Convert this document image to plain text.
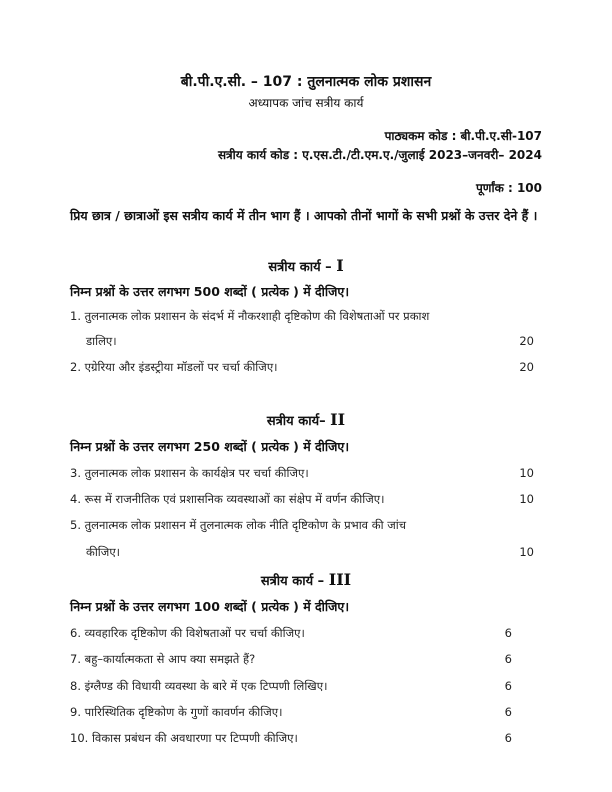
बी.पी.ए.सी. – 107 : तुलनात्मक लोक प्रशासन
अध्यापक जांच सत्रीय कार्य
पाठ्यकम कोड : बी.पी.ए.सी-107
सत्रीय कार्य कोड : ए.एस.टी./टी.एम.ए./जुलाई 2023–जनवरी– 2024
पूर्णांक : 100
प्रिय छात्र / छात्राओं इस सत्रीय कार्य में तीन भाग हैं । आपको तीनों भागों के सभी प्रश्नों के उत्तर देने हैं ।
सत्रीय कार्य – I
निम्न प्रश्नों के उत्तर लगभग 500 शब्दों ( प्रत्येक ) में दीजिए।
1. तुलनात्मक लोक प्रशासन के संदर्भ में नौकरशाही दृष्टिकोण की विशेषताओं पर प्रकाश
डालिए।	20
2. एग्रेरिया और इंडस्ट्रीया मॉडलों पर चर्चा कीजिए।	20
सत्रीय कार्य– II
निम्न प्रश्नों के उत्तर लगभग 250 शब्दों ( प्रत्येक ) में दीजिए।
3. तुलनात्मक लोक प्रशासन के कार्यक्षेत्र पर चर्चा कीजिए।	10
4. रूस में राजनीतिक एवं प्रशासनिक व्यवस्थाओं का संक्षेप में वर्णन कीजिए।	10
5. तुलनात्मक लोक प्रशासन में तुलनात्मक लोक नीति दृष्टिकोण के प्रभाव की जांच
कीजिए।	10
सत्रीय कार्य – III
निम्न प्रश्नों के उत्तर लगभग 100 शब्दों ( प्रत्येक ) में दीजिए।
6. व्यवहारिक दृष्टिकोण की विशेषताओं पर चर्चा कीजिए।	6
7. बहु–कार्यात्मकता से आप क्या समझते हैं?	6
8. इंग्लैण्ड की विधायी व्यवस्था के बारे में एक टिप्पणी लिखिए।	6
9. पारिस्थितिक दृष्टिकोण के गुणों कावर्णन कीजिए।	6
10. विकास प्रबंधन की अवधारणा पर टिप्पणी कीजिए।	6
